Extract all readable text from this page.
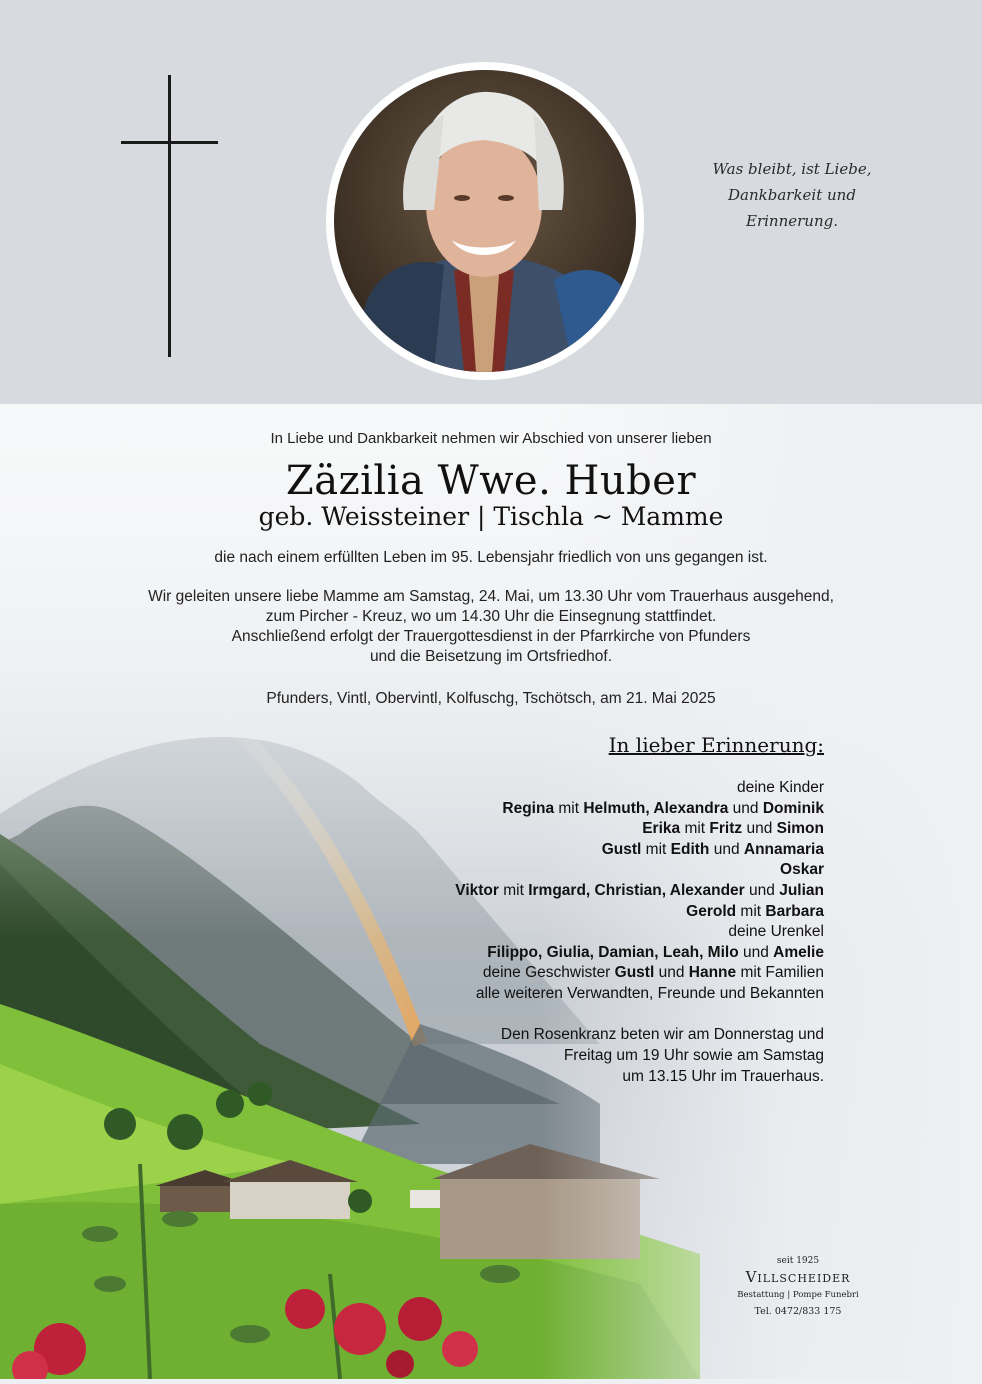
Was bleibt, ist Liebe,
Dankbarkeit und
Erinnerung.
In Liebe und Dankbarkeit nehmen wir Abschied von unserer lieben
Zäzilia Wwe. Huber
geb. Weissteiner | Tischla ~ Mamme
die nach einem erfüllten Leben im 95. Lebensjahr friedlich von uns gegangen ist.
Wir geleiten unsere liebe Mamme am Samstag, 24. Mai, um 13.30 Uhr vom Trauerhaus ausgehend,
zum Pircher - Kreuz, wo um 14.30 Uhr die Einsegnung stattfindet.
Anschließend erfolgt der Trauergottesdienst in der Pfarrkirche von Pfunders
und die Beisetzung im Ortsfriedhof.
Pfunders, Vintl, Obervintl, Kolfuschg, Tschötsch, am 21. Mai 2025
In lieber Erinnerung:
deine Kinder
Regina mit Helmuth, Alexandra und Dominik
Erika mit Fritz und Simon
Gustl mit Edith und Annamaria
Oskar
Viktor mit Irmgard, Christian, Alexander und Julian
Gerold mit Barbara
deine Urenkel
Filippo, Giulia, Damian, Leah, Milo und Amelie
deine Geschwister Gustl und Hanne mit Familien
alle weiteren Verwandten, Freunde und Bekannten
Den Rosenkranz beten wir am Donnerstag und
Freitag um 19 Uhr sowie am Samstag
um 13.15 Uhr im Trauerhaus.
seit 1925
Villscheider
Bestattung | Pompe Funebri
Tel. 0472/833 175
